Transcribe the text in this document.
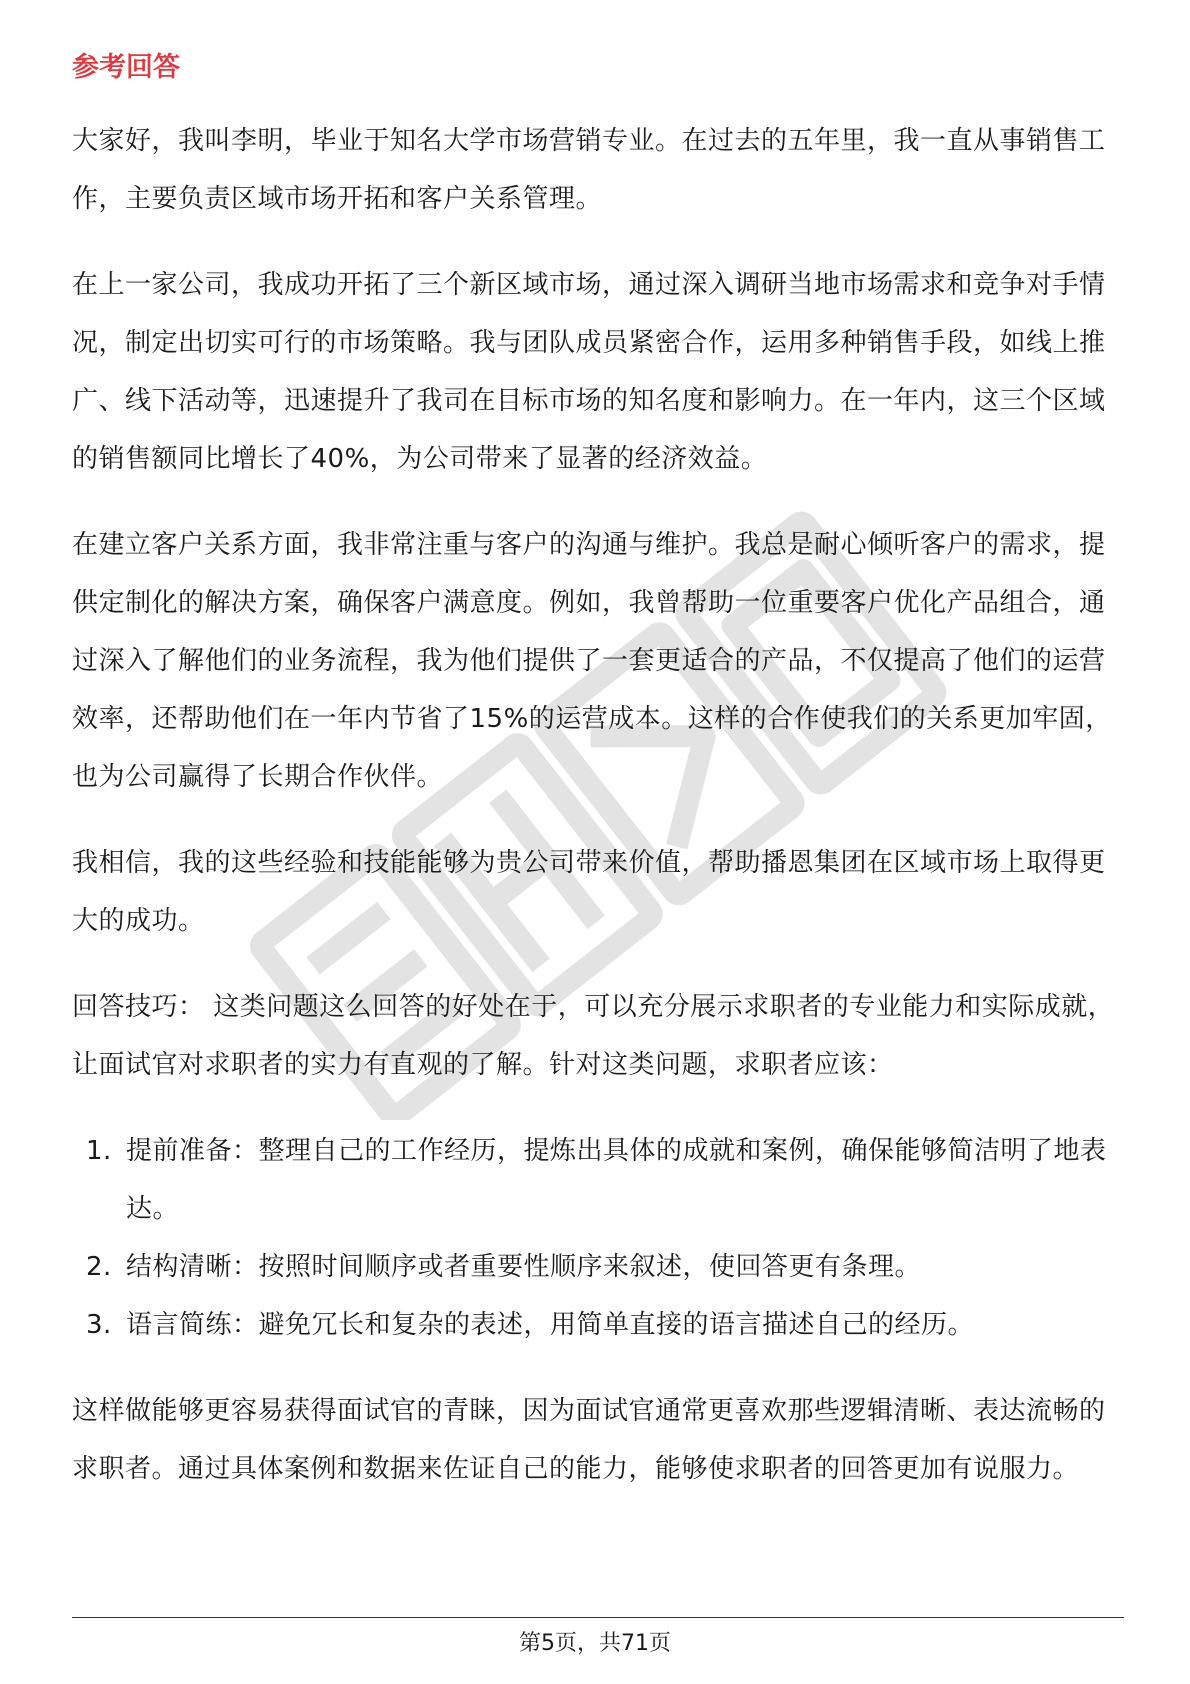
参考回答

大家好，我叫李明，毕业于知名大学市场营销专业。在过去的五年里，我一直从事销售工作，主要负责区域市场开拓和客户关系管理。

在上一家公司，我成功开拓了三个新区域市场，通过深入调研当地市场需求和竞争对手情况，制定出切实可行的市场策略。我与团队成员紧密合作，运用多种销售手段，如线上推广、线下活动等，迅速提升了我司在目标市场的知名度和影响力。在一年内，这三个区域的销售额同比增长了40%，为公司带来了显著的经济效益。

在建立客户关系方面，我非常注重与客户的沟通与维护。我总是耐心倾听客户的需求，提供定制化的解决方案，确保客户满意度。例如，我曾帮助一位重要客户优化产品组合，通过深入了解他们的业务流程，我为他们提供了一套更适合的产品，不仅提高了他们的运营效率，还帮助他们在一年内节省了15%的运营成本。这样的合作使我们的关系更加牢固，也为公司赢得了长期合作伙伴。

我相信，我的这些经验和技能能够为贵公司带来价值，帮助播恩集团在区域市场上取得更大的成功。

回答技巧： 这类问题这么回答的好处在于，可以充分展示求职者的专业能力和实际成就，让面试官对求职者的实力有直观的了解。针对这类问题，求职者应该：

1. 提前准备：整理自己的工作经历，提炼出具体的成就和案例，确保能够简洁明了地表达。
2. 结构清晰：按照时间顺序或者重要性顺序来叙述，使回答更有条理。
3. 语言简练：避免冗长和复杂的表述，用简单直接的语言描述自己的经历。

这样做能够更容易获得面试官的青睐，因为面试官通常更喜欢那些逻辑清晰、表达流畅的求职者。通过具体案例和数据来佐证自己的能力，能够使求职者的回答更加有说服力。

第5页，共71页
